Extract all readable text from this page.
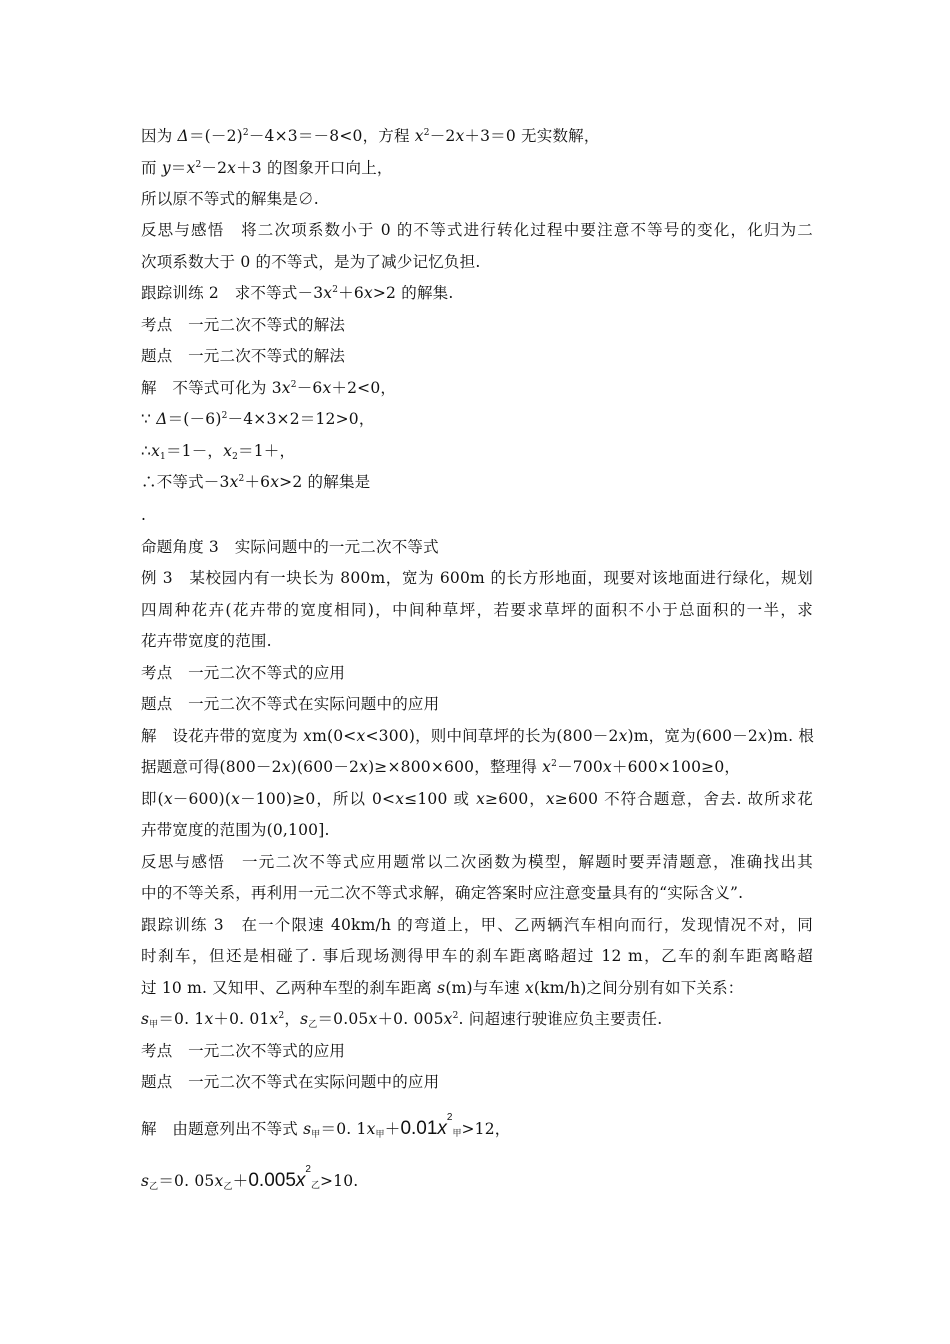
因为 $\Delta=(-2)^2-4\times 3=-8<0$，方程 $x^2-2x+3=0$ 无实数解，
而 $y=x^2-2x+3$ 的图象开口向上，
所以原不等式的解集是∅.
反思与感悟　将二次项系数小于 0 的不等式进行转化过程中要注意不等号的变化，化归为二
次项系数大于 0 的不等式，是为了减少记忆负担.
跟踪训练 2　求不等式$-3x^2+6x>2$ 的解集.
考点　一元二次不等式的解法
题点　一元二次不等式的解法
解　不等式可化为 $3x^2-6x+2<0$，
∵ $\Delta=(-6)^2-4\times 3\times 2=12>0$，
$\therefore x_1=1-$，$x_2=1+$，
∴不等式$-3x^2+6x>2$ 的解集是
.
命题角度 3　实际问题中的一元二次不等式
例 3　某校园内有一块长为 800m，宽为 600m 的长方形地面，现要对该地面进行绿化，规划
四周种花卉(花卉带的宽度相同)，中间种草坪，若要求草坪的面积不小于总面积的一半，求
花卉带宽度的范围.
考点　一元二次不等式的应用
题点　一元二次不等式在实际问题中的应用
解　设花卉带的宽度为 xm(0<x<300)，则中间草坪的长为(800－2x)m，宽为(600－2x)m. 根
据题意可得(800－2x)(600－2x)≥×800×600，整理得 $x^2-700x+600\times 100\ge 0$，
即(x－600)(x－100)≥0，所以 0<x≤100 或 x≥600，x≥600 不符合题意，舍去. 故所求花
卉带宽度的范围为(0,100].
反思与感悟　一元二次不等式应用题常以二次函数为模型，解题时要弄清题意，准确找出其
中的不等关系，再利用一元二次不等式求解，确定答案时应注意变量具有的“实际含义”.
跟踪训练 3　在一个限速 40km/h 的弯道上，甲、乙两辆汽车相向而行，发现情况不对，同
时刹车，但还是相碰了. 事后现场测得甲车的刹车距离略超过 12 m，乙车的刹车距离略超
过 10 m. 又知甲、乙两种车型的刹车距离 s(m)与车速 x(km/h)之间分别有如下关系：
$s_甲=0$. 1x＋0. $01x^2$，$s_乙=0.05x+0$. $005x^2$. 问超速行驶谁应负主要责任.
考点　一元二次不等式的应用
题点　一元二次不等式在实际问题中的应用
解　由题意列出不等式 $s_甲=0$. $1x_甲+0.01x^2$甲>12，
$s_乙=0$. $05x_乙+0.005x^2$乙>10.
